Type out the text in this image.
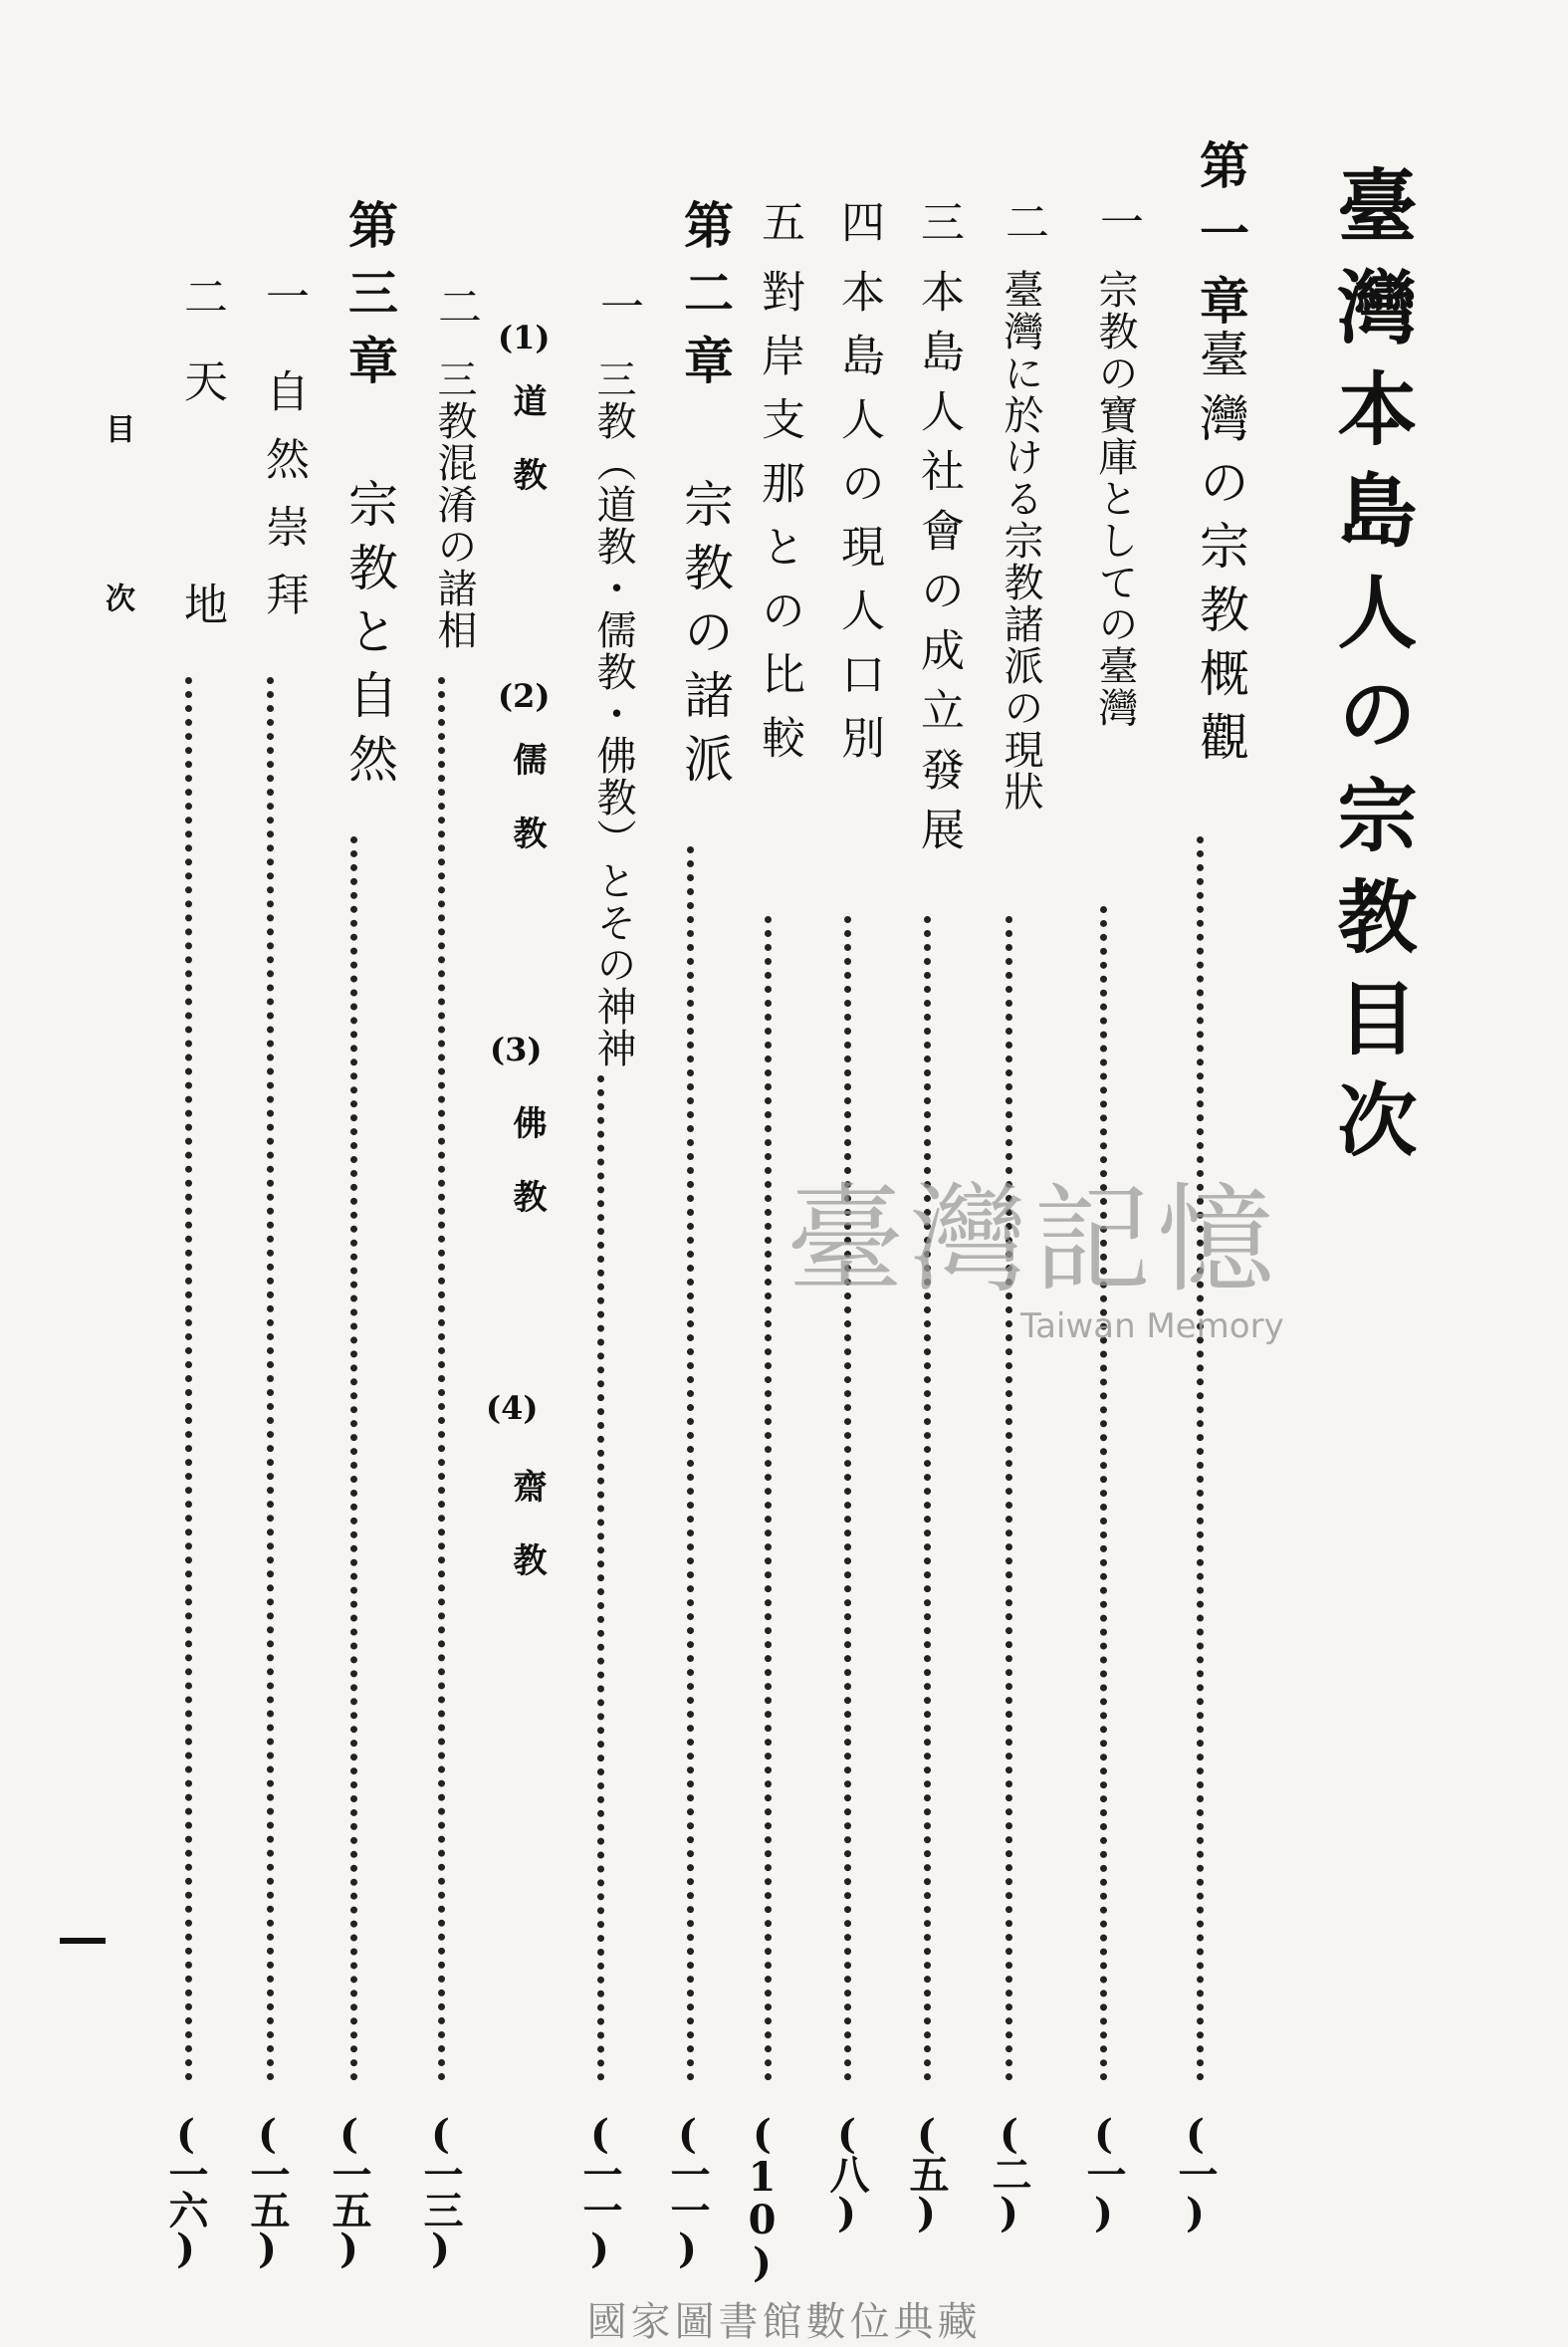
臺灣本島人の宗教目次
第一章
臺灣の宗教概觀
(一)
一
宗教の寶庫としての臺灣
(一)
二
臺灣に於ける宗教諸派の現狀
(二)
三
本島人社會の成立發展
(五)
四
本島人の現人口別
(八)
五
對岸支那との比較
(10)
第二章
宗教の諸派
(一一)
一
三教（道教・儒教・佛教）とその神神
(一一)
(1)
道教
(2)
儒教
(3)
佛教
(4)
齋教
二
三教混淆の諸相
(一三)
第三章
宗教と自然
(一五)
一
自然崇拜
(一五)
二
天地
(一六)
目次
臺灣記憶
Taiwan Memory
國家圖書館數位典藏
